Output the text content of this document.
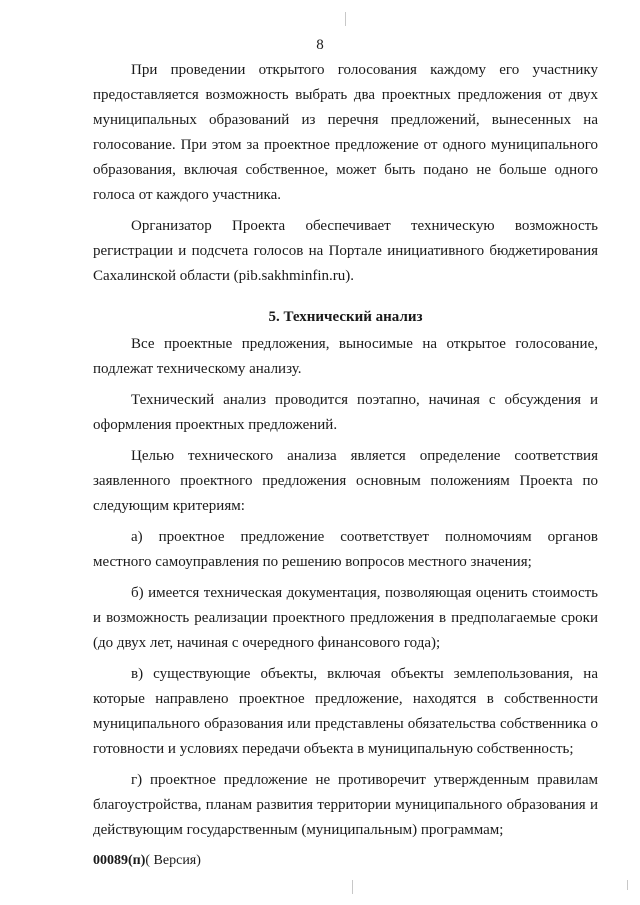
8

При проведении открытого голосования каждому его участнику предоставляется возможность выбрать два проектных предложения от двух муниципальных образований из перечня предложений, вынесенных на голосование. При этом за проектное предложение от одного муниципального образования, включая собственное, может быть подано не больше одного голоса от каждого участника.

Организатор Проекта обеспечивает техническую возможность регистрации и подсчета голосов на Портале инициативного бюджетирования Сахалинской области (pib.sakhminfin.ru).

5. Технический анализ

Все проектные предложения, выносимые на открытое голосование, подлежат техническому анализу.

Технический анализ проводится поэтапно, начиная с обсуждения и оформления проектных предложений.

Целью технического анализа является определение соответствия заявленного проектного предложения основным положениям Проекта по следующим критериям:

а) проектное предложение соответствует полномочиям органов местного самоуправления по решению вопросов местного значения;

б) имеется техническая документация, позволяющая оценить стоимость и возможность реализации проектного предложения в предполагаемые сроки (до двух лет, начиная с очередного финансового года);

в) существующие объекты, включая объекты землепользования, на которые направлено проектное предложение, находятся в собственности муниципального образования или представлены обязательства собственника о готовности и условиях передачи объекта в муниципальную собственность;

г) проектное предложение не противоречит утвержденным правилам благоустройства, планам развития территории муниципального образования и действующим государственным (муниципальным) программам;

00089(п)( Версия)
